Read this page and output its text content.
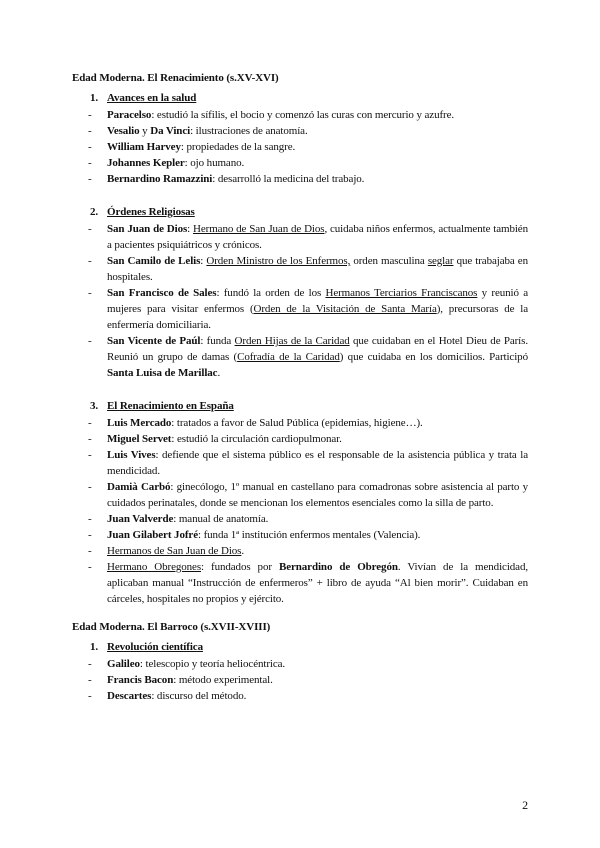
Edad Moderna. El Renacimiento (s.XV-XVI)
1. Avances en la salud
- Paracelso: estudió la sífilis, el bocio y comenzó las curas con mercurio y azufre.
- Vesalio y Da Vinci: ilustraciones de anatomía.
- William Harvey: propiedades de la sangre.
- Johannes Kepler: ojo humano.
- Bernardino Ramazzini: desarrolló la medicina del trabajo.
2. Órdenes Religiosas
- San Juan de Dios: Hermano de San Juan de Dios, cuidaba niños enfermos, actualmente también a pacientes psiquiátricos y crónicos.
- San Camilo de Lelis: Orden Ministro de los Enfermos, orden masculina seglar que trabajaba en hospitales.
- San Francisco de Sales: fundó la orden de los Hermanos Terciarios Franciscanos y reunió a mujeres para visitar enfermos (Orden de la Visitación de Santa María), precursoras de la enfermería domiciliaria.
- San Vicente de Paúl: funda Orden Hijas de la Caridad que cuidaban en el Hotel Dieu de París. Reunió un grupo de damas (Cofradía de la Caridad) que cuidaba en los domicilios. Participó Santa Luisa de Marillac.
3. El Renacimiento en España
- Luis Mercado: tratados a favor de Salud Pública (epidemias, higiene…).
- Miguel Servet: estudió la circulación cardiopulmonar.
- Luis Vives: defiende que el sistema público es el responsable de la asistencia pública y trata la mendicidad.
- Damià Carbó: ginecólogo, 1º manual en castellano para comadronas sobre asistencia al parto y cuidados perinatales, donde se mencionan los elementos esenciales como la silla de parto.
- Juan Valverde: manual de anatomía.
- Juan Gilabert Jofré: funda 1ª institución enfermos mentales (Valencia).
- Hermanos de San Juan de Dios.
- Hermano Obregones: fundados por Bernardino de Obregón. Vivían de la mendicidad, aplicaban manual “Instrucción de enfermeros” + libro de ayuda “Al bien morir”. Cuidaban en cárceles, hospitales no propios y ejército.
Edad Moderna. El Barroco (s.XVII-XVIII)
1. Revolución científica
- Galileo: telescopio y teoría heliocéntrica.
- Francis Bacon: método experimental.
- Descartes: discurso del método.
2
